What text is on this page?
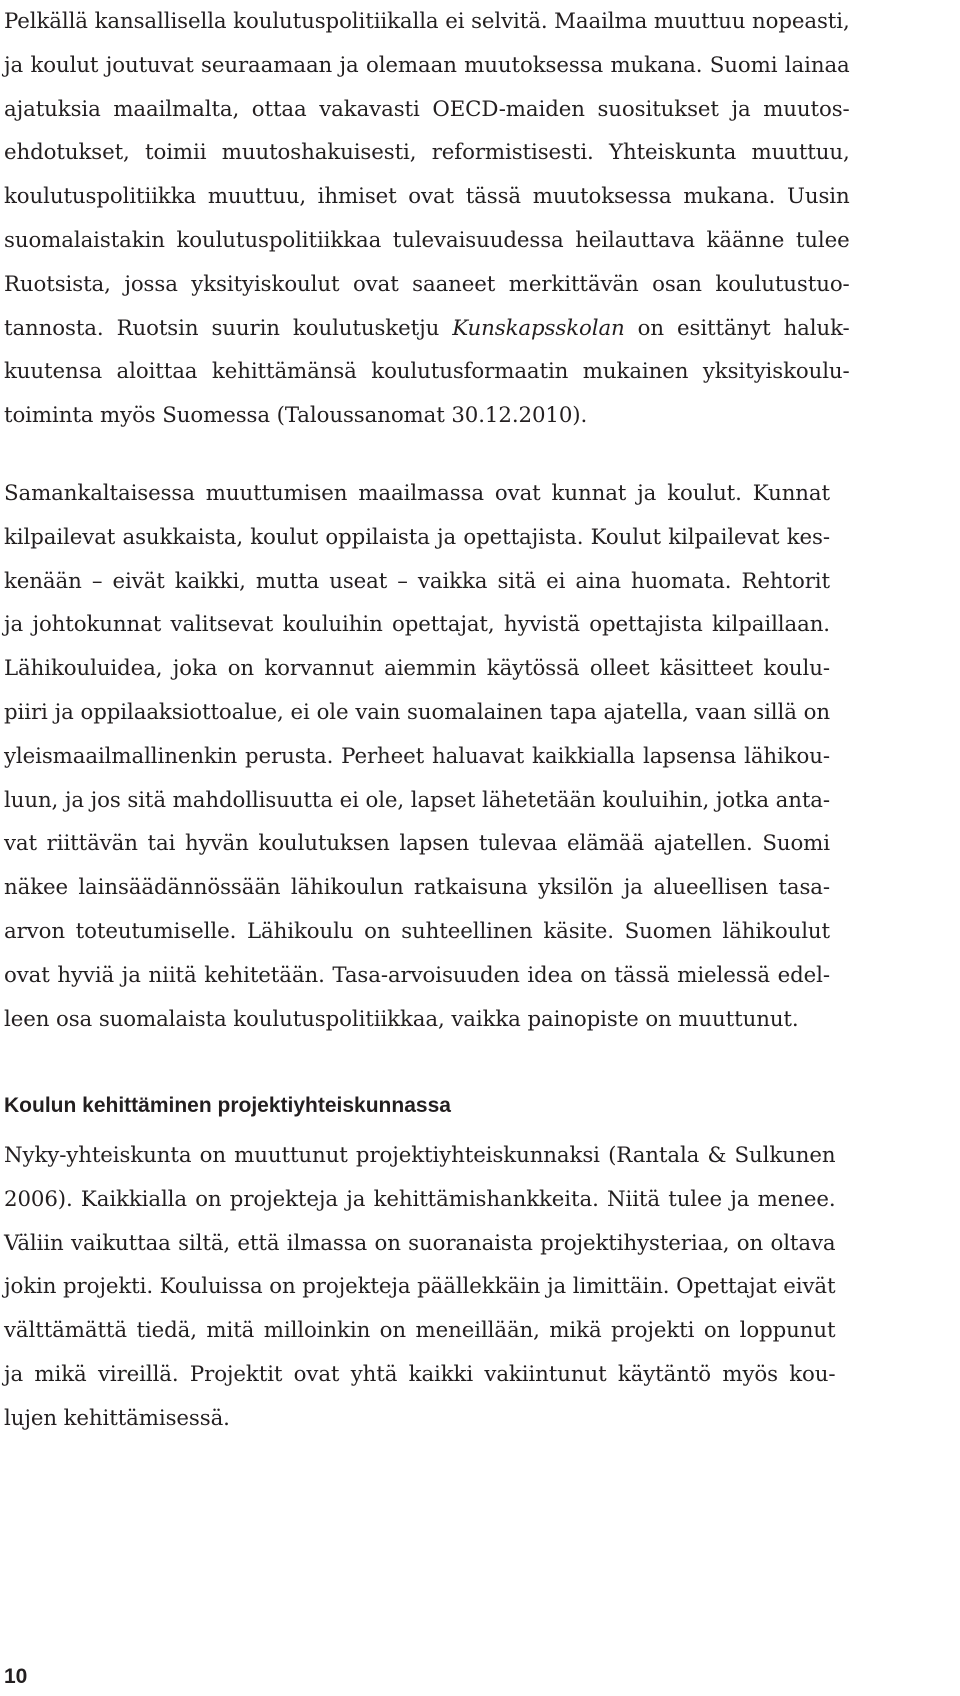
Pelkällä kansallisella koulutuspolitiikalla ei selvitä. Maailma muuttuu nopeasti,
ja koulut joutuvat seuraamaan ja olemaan muutoksessa mukana. Suomi lainaa
ajatuksia maailmalta, ottaa vakavasti OECD-maiden suositukset ja muutos-
ehdotukset, toimii muutoshakuisesti, reformistisesti. Yhteiskunta muuttuu,
koulutuspolitiikka muuttuu, ihmiset ovat tässä muutoksessa mukana. Uusin
suomalaistakin koulutuspolitiikkaa tulevaisuudessa heilauttava käänne tulee
Ruotsista, jossa yksityiskoulut ovat saaneet merkittävän osan koulutustuo-
tannosta. Ruotsin suurin koulutusketju Kunskapsskolan on esittänyt haluk-
kuutensa aloittaa kehittämänsä koulutusformaatin mukainen yksityiskoulu-
toiminta myös Suomessa (Taloussanomat 30.12.2010).
Samankaltaisessa muuttumisen maailmassa ovat kunnat ja koulut. Kunnat
kilpailevat asukkaista, koulut oppilaista ja opettajista. Koulut kilpailevat kes-
kenään – eivät kaikki, mutta useat – vaikka sitä ei aina huomata. Rehtorit
ja johtokunnat valitsevat kouluihin opettajat, hyvistä opettajista kilpaillaan.
Lähikouluidea, joka on korvannut aiemmin käytössä olleet käsitteet koulu-
piiri ja oppilaaksiottoalue, ei ole vain suomalainen tapa ajatella, vaan sillä on
yleismaailmallinenkin perusta. Perheet haluavat kaikkialla lapsensa lähikou-
luun, ja jos sitä mahdollisuutta ei ole, lapset lähetetään kouluihin, jotka anta-
vat riittävän tai hyvän koulutuksen lapsen tulevaa elämää ajatellen. Suomi
näkee lainsäädännössään lähikoulun ratkaisuna yksilön ja alueellisen tasa-
arvon toteutumiselle. Lähikoulu on suhteellinen käsite. Suomen lähikoulut
ovat hyviä ja niitä kehitetään. Tasa-arvoisuuden idea on tässä mielessä edel-
leen osa suomalaista koulutuspolitiikkaa, vaikka painopiste on muuttunut.
Koulun kehittäminen projektiyhteiskunnassa
Nyky-yhteiskunta on muuttunut projektiyhteiskunnaksi (Rantala & Sulkunen
2006). Kaikkialla on projekteja ja kehittämishankkeita. Niitä tulee ja menee.
Väliin vaikuttaa siltä, että ilmassa on suoranaista projektihysteriaa, on oltava
jokin projekti. Kouluissa on projekteja päällekkäin ja limittäin. Opettajat eivät
välttämättä tiedä, mitä milloinkin on meneillään, mikä projekti on loppunut
ja mikä vireillä. Projektit ovat yhtä kaikki vakiintunut käytäntö myös kou-
lujen kehittämisessä.
10
